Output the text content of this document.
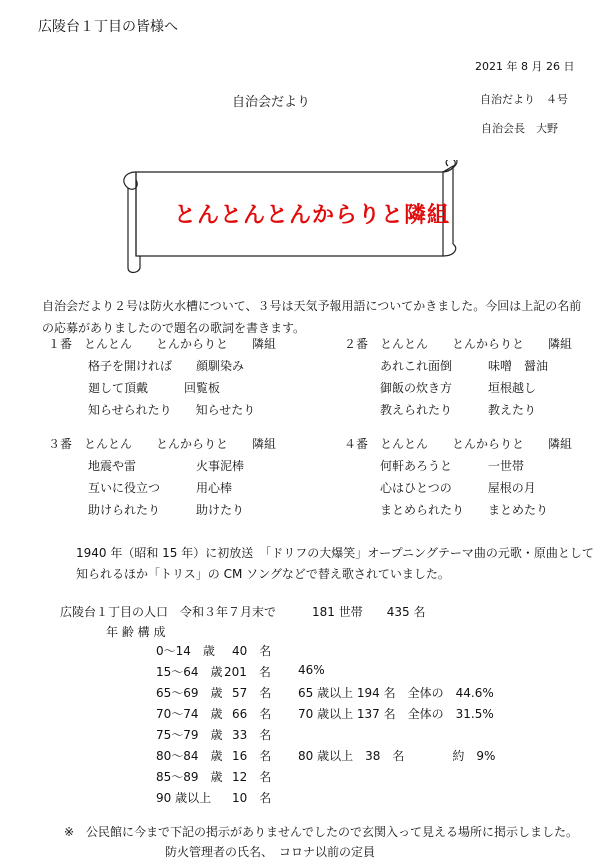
広陵台１丁目の皆様へ
2021 年 8 月 26 日
自治会だより	自治だより　４号
自治会長　大野
とんとんとんからりと隣組
自治会だより２号は防火水槽について、３号は天気予報用語についてかきました。今回は上記の名前の応募がありましたので題名の歌詞を書きます。
１番　とんとん　　とんからりと　　隣組
格子を開ければ　　顔馴染み
廻して頂戴　　　回覧板
知らせられたり　　知らせたり
２番　とんとん　　とんからりと　　隣組
あれこれ面倒　　　味噌　醤油
御飯の炊き方　　　垣根越し
教えられたり　　　教えたり
３番　とんとん　　とんからりと　　隣組
地震や雷　　　　　火事泥棒
互いに役立つ　　　用心棒
助けられたり　　　助けたり
４番　とんとん　　とんからりと　　隣組
何軒あろうと　　　一世帯
心はひとつの　　　屋根の月
まとめられたり　　まとめたり
1940 年（昭和 15 年）に初放送　「ドリフの大爆笑」オープニングテーマ曲の元歌・原曲として知られるほか「トリス」の CM ソングなどで替え歌されていました。
広陵台１丁目の人口　令和３年７月末で　　　181 世帯　　435 名
年 齢 構 成
0～14　歳 40　名
15～64　歳 201　名 46%
65～69　歳 57　名 65 歳以上 194 名　全体の　44.6%
70～74　歳 66　名 70 歳以上 137 名　全体の　31.5%
75～79　歳 33　名
80～84　歳 16　名 80 歳以上　38　名　　　　約　9%
85～89　歳 12　名
90 歳以上 10　名
※　公民館に今まで下記の掲示がありませんでしたので玄関入って見える場所に掲示しました。
防火管理者の氏名、　コロナ以前の定員
